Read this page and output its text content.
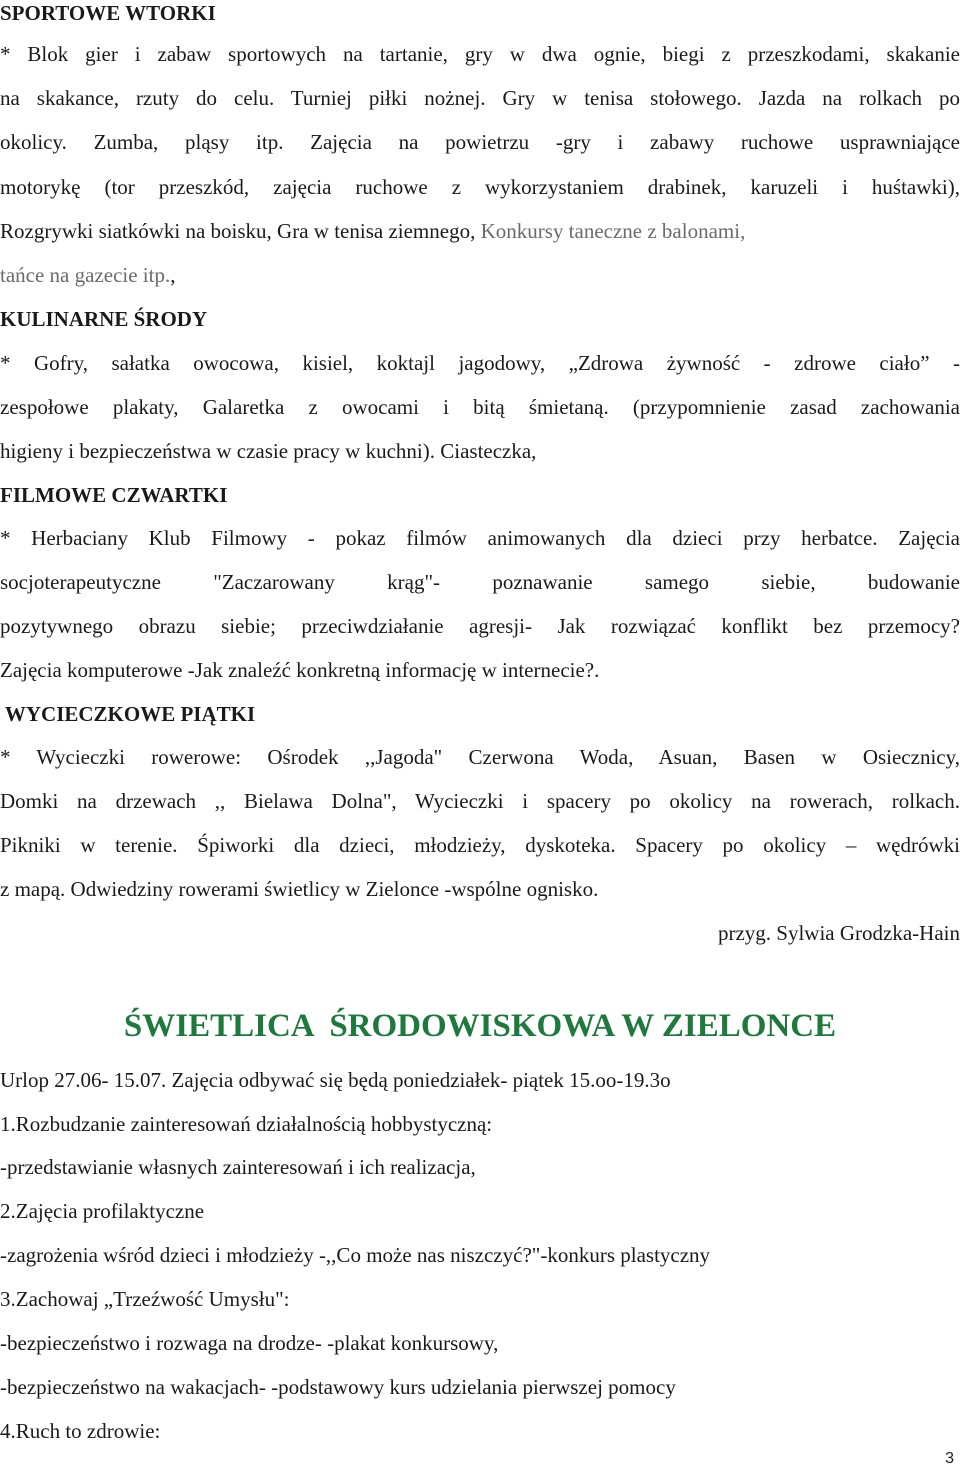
SPORTOWE WTORKI
* Blok gier i zabaw sportowych na tartanie, gry w dwa ognie, biegi z przeszkodami, skakanie
na skakance, rzuty do celu. Turniej piłki nożnej. Gry w tenisa stołowego. Jazda na rolkach po
okolicy. Zumba, pląsy itp. Zajęcia na powietrzu -gry i zabawy ruchowe usprawniające
motorykę (tor przeszkód, zajęcia ruchowe z wykorzystaniem drabinek, karuzeli i huśtawki),
Rozgrywki siatkówki na boisku, Gra w tenisa ziemnego, Konkursy taneczne z balonami,
tańce na gazecie itp.,
KULINARNE ŚRODY
* Gofry, sałatka owocowa, kisiel, koktajl jagodowy, „Zdrowa żywność - zdrowe ciało” -
zespołowe plakaty, Galaretka z owocami i bitą śmietaną. (przypomnienie zasad zachowania
higieny i bezpieczeństwa w czasie pracy w kuchni). Ciasteczka,
FILMOWE CZWARTKI
* Herbaciany Klub Filmowy - pokaz filmów animowanych dla dzieci przy herbatce. Zajęcia
socjoterapeutyczne "Zaczarowany krąg"- poznawanie samego siebie, budowanie
pozytywnego obrazu siebie; przeciwdziałanie agresji- Jak rozwiązać konflikt bez przemocy?
Zajęcia komputerowe -Jak znaleźć konkretną informację w internecie?.
WYCIECZKOWE PIĄTKI
* Wycieczki rowerowe: Ośrodek ,,Jagoda" Czerwona Woda, Asuan, Basen w Osiecznicy,
Domki na drzewach ,, Bielawa Dolna", Wycieczki i spacery po okolicy na rowerach, rolkach.
Pikniki w terenie. Śpiworki dla dzieci, młodzieży, dyskoteka. Spacery po okolicy – wędrówki
z mapą. Odwiedziny rowerami świetlicy w Zielonce -wspólne ognisko.
przyg. Sylwia Grodzka-Hain
ŚWIETLICA  ŚRODOWISKOWA W ZIELONCE
Urlop 27.06- 15.07. Zajęcia odbywać się będą poniedziałek- piątek 15.oo-19.3o
1.Rozbudzanie zainteresowań działalnością hobbystyczną:
-przedstawianie własnych zainteresowań i ich realizacja,
2.Zajęcia profilaktyczne
-zagrożenia wśród dzieci i młodzieży -,,Co może nas niszczyć?"-konkurs plastyczny
3.Zachowaj „Trzeźwość Umysłu":
-bezpieczeństwo i rozwaga na drodze- -plakat konkursowy,
-bezpieczeństwo na wakacjach- -podstawowy kurs udzielania pierwszej pomocy
4.Ruch to zdrowie:
3
